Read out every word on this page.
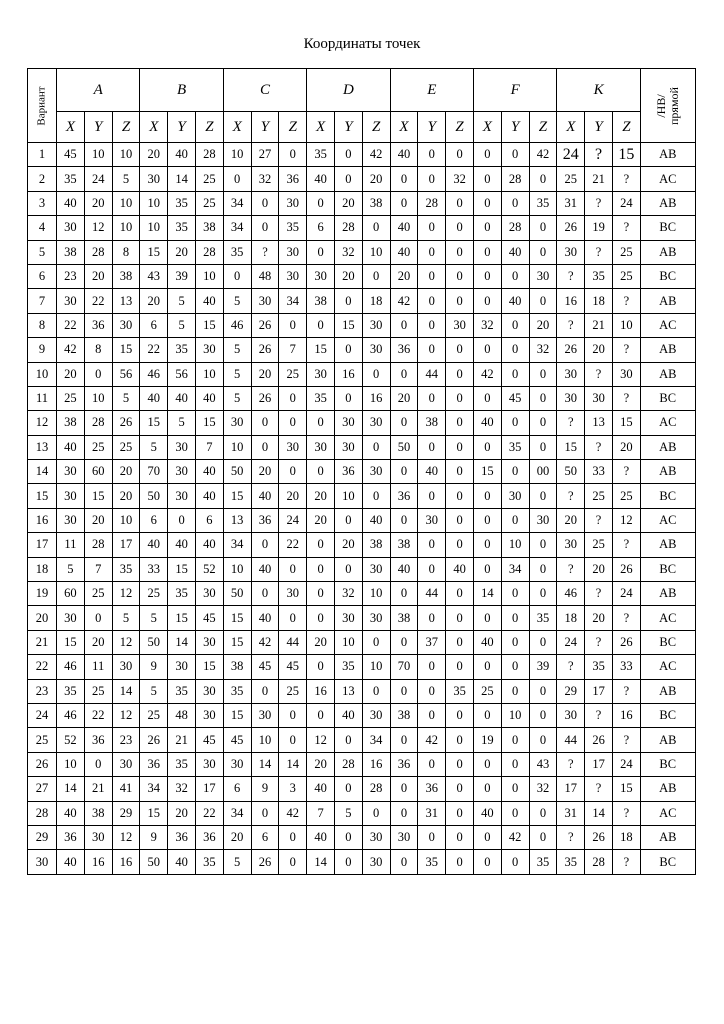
Координаты точек
Вариант	A			B			C			D			E			F			K			/НВ/
прямой

	X	Y	Z	X	Y	Z	X	Y	Z	X	Y	Z	X	Y	Z	X	Y	Z	X	Y	Z	
1	45	10	10	20	40	28	10	27	0	35	0	42	40	0	0	0	0	42	24	?	15	AB
2	35	24	5	30	14	25	0	32	36	40	0	20	0	0	32	0	28	0	25	21	?	AC
3	40	20	10	10	35	25	34	0	30	0	20	38	0	28	0	0	0	35	31	?	24	AB
4	30	12	10	10	35	38	34	0	35	6	28	0	40	0	0	0	28	0	26	19	?	BC
5	38	28	8	15	20	28	35	?	30	0	32	10	40	0	0	0	40	0	30	?	25	AB
6	23	20	38	43	39	10	0	48	30	30	20	0	20	0	0	0	0	30	?	35	25	BC
7	30	22	13	20	5	40	5	30	34	38	0	18	42	0	0	0	40	0	16	18	?	AB
8	22	36	30	6	5	15	46	26	0	0	15	30	0	0	30	32	0	20	?	21	10	AC
9	42	8	15	22	35	30	5	26	7	15	0	30	36	0	0	0	0	32	26	20	?	AB
10	20	0	56	46	56	10	5	20	25	30	16	0	0	44	0	42	0	0	30	?	30	AB
11	25	10	5	40	40	40	5	26	0	35	0	16	20	0	0	0	45	0	30	30	?	BC
12	38	28	26	15	5	15	30	0	0	0	30	30	0	38	0	40	0	0	?	13	15	AC
13	40	25	25	5	30	7	10	0	30	30	30	0	50	0	0	0	35	0	15	?	20	AB
14	30	60	20	70	30	40	50	20	0	0	36	30	0	40	0	15	0	00	50	33	?	AB
15	30	15	20	50	30	40	15	40	20	20	10	0	36	0	0	0	30	0	?	25	25	BC
16	30	20	10	6	0	6	13	36	24	20	0	40	0	30	0	0	0	30	20	?	12	AC
17	11	28	17	40	40	40	34	0	22	0	20	38	38	0	0	0	10	0	30	25	?	AB
18	5	7	35	33	15	52	10	40	0	0	0	30	40	0	40	0	34	0	?	20	26	BC
19	60	25	12	25	35	30	50	0	30	0	32	10	0	44	0	14	0	0	46	?	24	AB
20	30	0	5	5	15	45	15	40	0	0	30	30	38	0	0	0	0	35	18	20	?	AC
21	15	20	12	50	14	30	15	42	44	20	10	0	0	37	0	40	0	0	24	?	26	BC
22	46	11	30	9	30	15	38	45	45	0	35	10	70	0	0	0	0	39	?	35	33	AC
23	35	25	14	5	35	30	35	0	25	16	13	0	0	0	35	25	0	0	29	17	?	AB
24	46	22	12	25	48	30	15	30	0	0	40	30	38	0	0	0	10	0	30	?	16	BC
25	52	36	23	26	21	45	45	10	0	12	0	34	0	42	0	19	0	0	44	26	?	AB
26	10	0	30	36	35	30	30	14	14	20	28	16	36	0	0	0	0	43	?	17	24	BC
27	14	21	41	34	32	17	6	9	3	40	0	28	0	36	0	0	0	32	17	?	15	AB
28	40	38	29	15	20	22	34	0	42	7	5	0	0	31	0	40	0	0	31	14	?	AC
29	36	30	12	9	36	36	20	6	0	40	0	30	30	0	0	0	42	0	?	26	18	AB
30	40	16	16	50	40	35	5	26	0	14	0	30	0	35	0	0	0	35	35	28	?	BC
